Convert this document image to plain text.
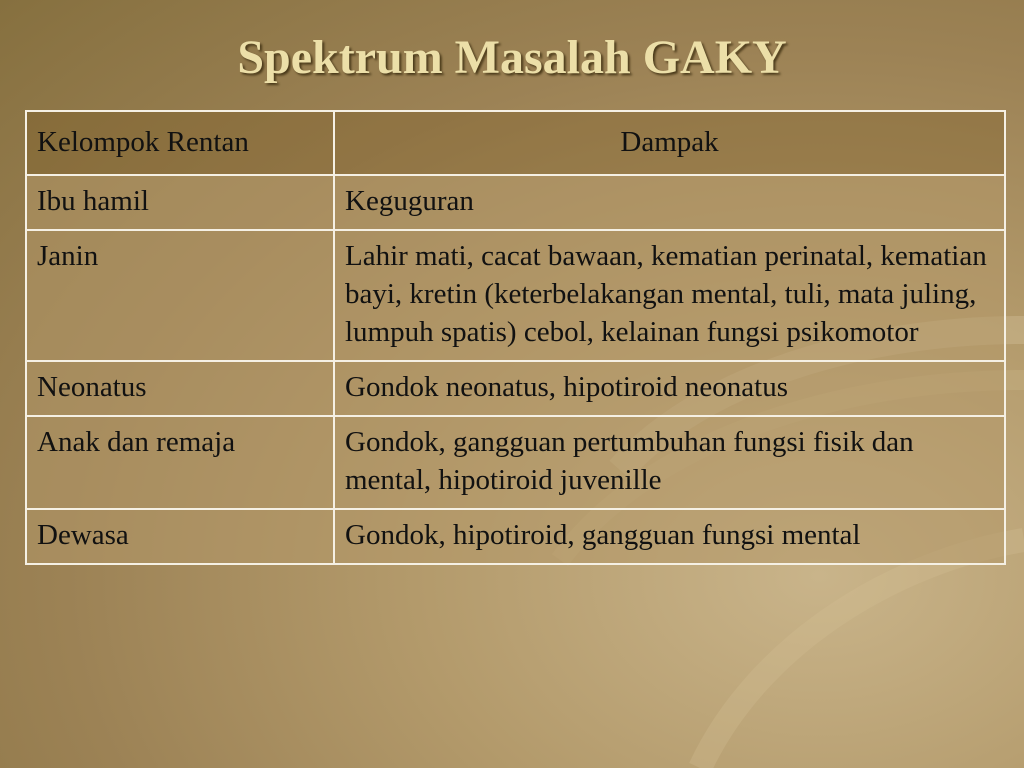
Spektrum Masalah GAKY
Kelompok Rentan	Dampak
Ibu hamil	Keguguran
Janin	Lahir mati, cacat bawaan, kematian perinatal, kematian bayi, kretin (keterbelakangan mental, tuli, mata juling, lumpuh spatis) cebol, kelainan fungsi psikomotor
Neonatus	Gondok neonatus, hipotiroid neonatus
Anak dan remaja	Gondok, gangguan pertumbuhan fungsi fisik dan mental, hipotiroid juvenille
Dewasa	Gondok, hipotiroid, gangguan fungsi mental
